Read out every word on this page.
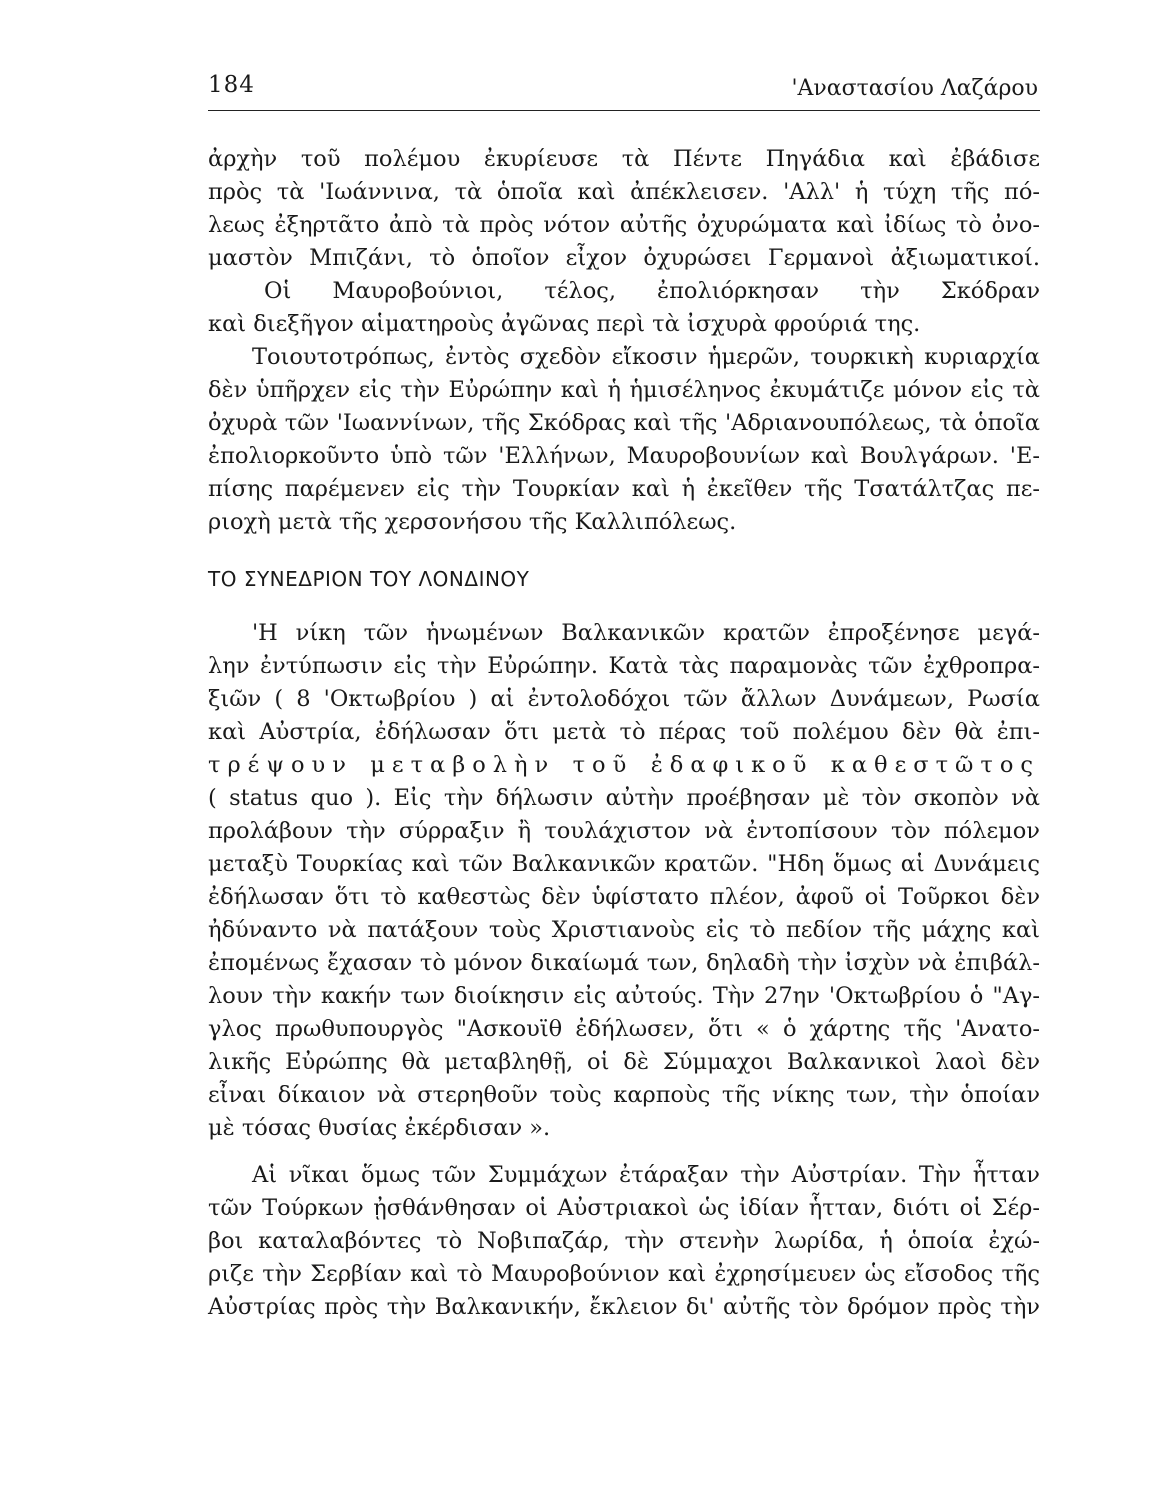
184	'Αναστασίου Λαζάρου
ἀρχὴν τοῦ πολέμου ἐκυρίευσε τὰ Πέντε Πηγάδια καὶ ἐβάδισε
πρὸς τὰ 'Ιωάννινα, τὰ ὁποῖα καὶ ἀπέκλεισεν. 'Αλλ' ἡ τύχη τῆς πό-
λεως ἐξηρτᾶτο ἀπὸ τὰ πρὸς νότον αὐτῆς ὀχυρώματα καὶ ἰδίως τὸ ὀνο-
μαστὸν Μπιζάνι, τὸ ὁποῖον εἶχον ὀχυρώσει Γερμανοὶ ἀξιωματικοί.
Οἱ Μαυροβούνιοι, τέλος, ἐπολιόρκησαν τὴν Σκόδραν
καὶ διεξῆγον αἱματηροὺς ἀγῶνας περὶ τὰ ἰσχυρὰ φρούριά της.
Τοιουτοτρόπως, ἐντὸς σχεδὸν εἴκοσιν ἡμερῶν, τουρκικὴ κυριαρχία
δὲν ὑπῆρχεν εἰς τὴν Εὐρώπην καὶ ἡ ἡμισέληνος ἐκυμάτιζε μόνον εἰς τὰ
ὀχυρὰ τῶν 'Ιωαννίνων, τῆς Σκόδρας καὶ τῆς 'Αδριανουπόλεως, τὰ ὁποῖα
ἐπολιορκοῦντο ὑπὸ τῶν 'Ελλήνων, Μαυροβουνίων καὶ Βουλγάρων. 'Ε-
πίσης παρέμενεν εἰς τὴν Τουρκίαν καὶ ἡ ἐκεῖθεν τῆς Τσατάλτζας πε-
ριοχὴ μετὰ τῆς χερσονήσου τῆς Καλλιπόλεως.
ΤΟ ΣΥΝΕΔΡΙΟΝ ΤΟΥ ΛΟΝΔΙΝΟΥ
'Η νίκη τῶν ἡνωμένων Βαλκανικῶν κρατῶν ἐπροξένησε μεγά-
λην ἐντύπωσιν εἰς τὴν Εὐρώπην. Κατὰ τὰς παραμονὰς τῶν ἐχθροπρα-
ξιῶν ( 8 'Οκτωβρίου ) αἱ ἐντολοδόχοι τῶν ἄλλων Δυνάμεων, Ρωσία
καὶ Αὐστρία, ἐδήλωσαν ὅτι μετὰ τὸ πέρας τοῦ πολέμου δὲν θὰ ἐπι-
τρέψουν μεταβολὴν τοῦ ἐδαφικοῦ καθεστῶτος
( status quo ). Εἰς τὴν δήλωσιν αὐτὴν προέβησαν μὲ τὸν σκοπὸν νὰ
προλάβουν τὴν σύρραξιν ἢ τουλάχιστον νὰ ἐντοπίσουν τὸν πόλεμον
μεταξὺ Τουρκίας καὶ τῶν Βαλκανικῶν κρατῶν. "Ηδη ὅμως αἱ Δυνάμεις
ἐδήλωσαν ὅτι τὸ καθεστὼς δὲν ὑφίστατο πλέον, ἀφοῦ οἱ Τοῦρκοι δὲν
ἠδύναντο νὰ πατάξουν τοὺς Χριστιανοὺς εἰς τὸ πεδίον τῆς μάχης καὶ
ἐπομένως ἔχασαν τὸ μόνον δικαίωμά των, δηλαδὴ τὴν ἰσχὺν νὰ ἐπιβάλ-
λουν τὴν κακήν των διοίκησιν εἰς αὐτούς. Τὴν 27ην 'Οκτωβρίου ὁ "Αγ-
γλος πρωθυπουργὸς "Ασκουϊθ ἐδήλωσεν, ὅτι « ὁ χάρτης τῆς 'Ανατο-
λικῆς Εὐρώπης θὰ μεταβληθῇ, οἱ δὲ Σύμμαχοι Βαλκανικοὶ λαοὶ δὲν
εἶναι δίκαιον νὰ στερηθοῦν τοὺς καρποὺς τῆς νίκης των, τὴν ὁποίαν
μὲ τόσας θυσίας ἐκέρδισαν ».
Αἱ νῖκαι ὅμως τῶν Συμμάχων ἐτάραξαν τὴν Αὐστρίαν. Τὴν ἧτταν
τῶν Τούρκων ᾐσθάνθησαν οἱ Αὐστριακοὶ ὡς ἰδίαν ἧτταν, διότι οἱ Σέρ-
βοι καταλαβόντες τὸ Νοβιπαζάρ, τὴν στενὴν λωρίδα, ἡ ὁποία ἐχώ-
ριζε τὴν Σερβίαν καὶ τὸ Μαυροβούνιον καὶ ἐχρησίμευεν ὡς εἴσοδος τῆς
Αὐστρίας πρὸς τὴν Βαλκανικήν, ἔκλειον δι' αὐτῆς τὸν δρόμον πρὸς τὴν
